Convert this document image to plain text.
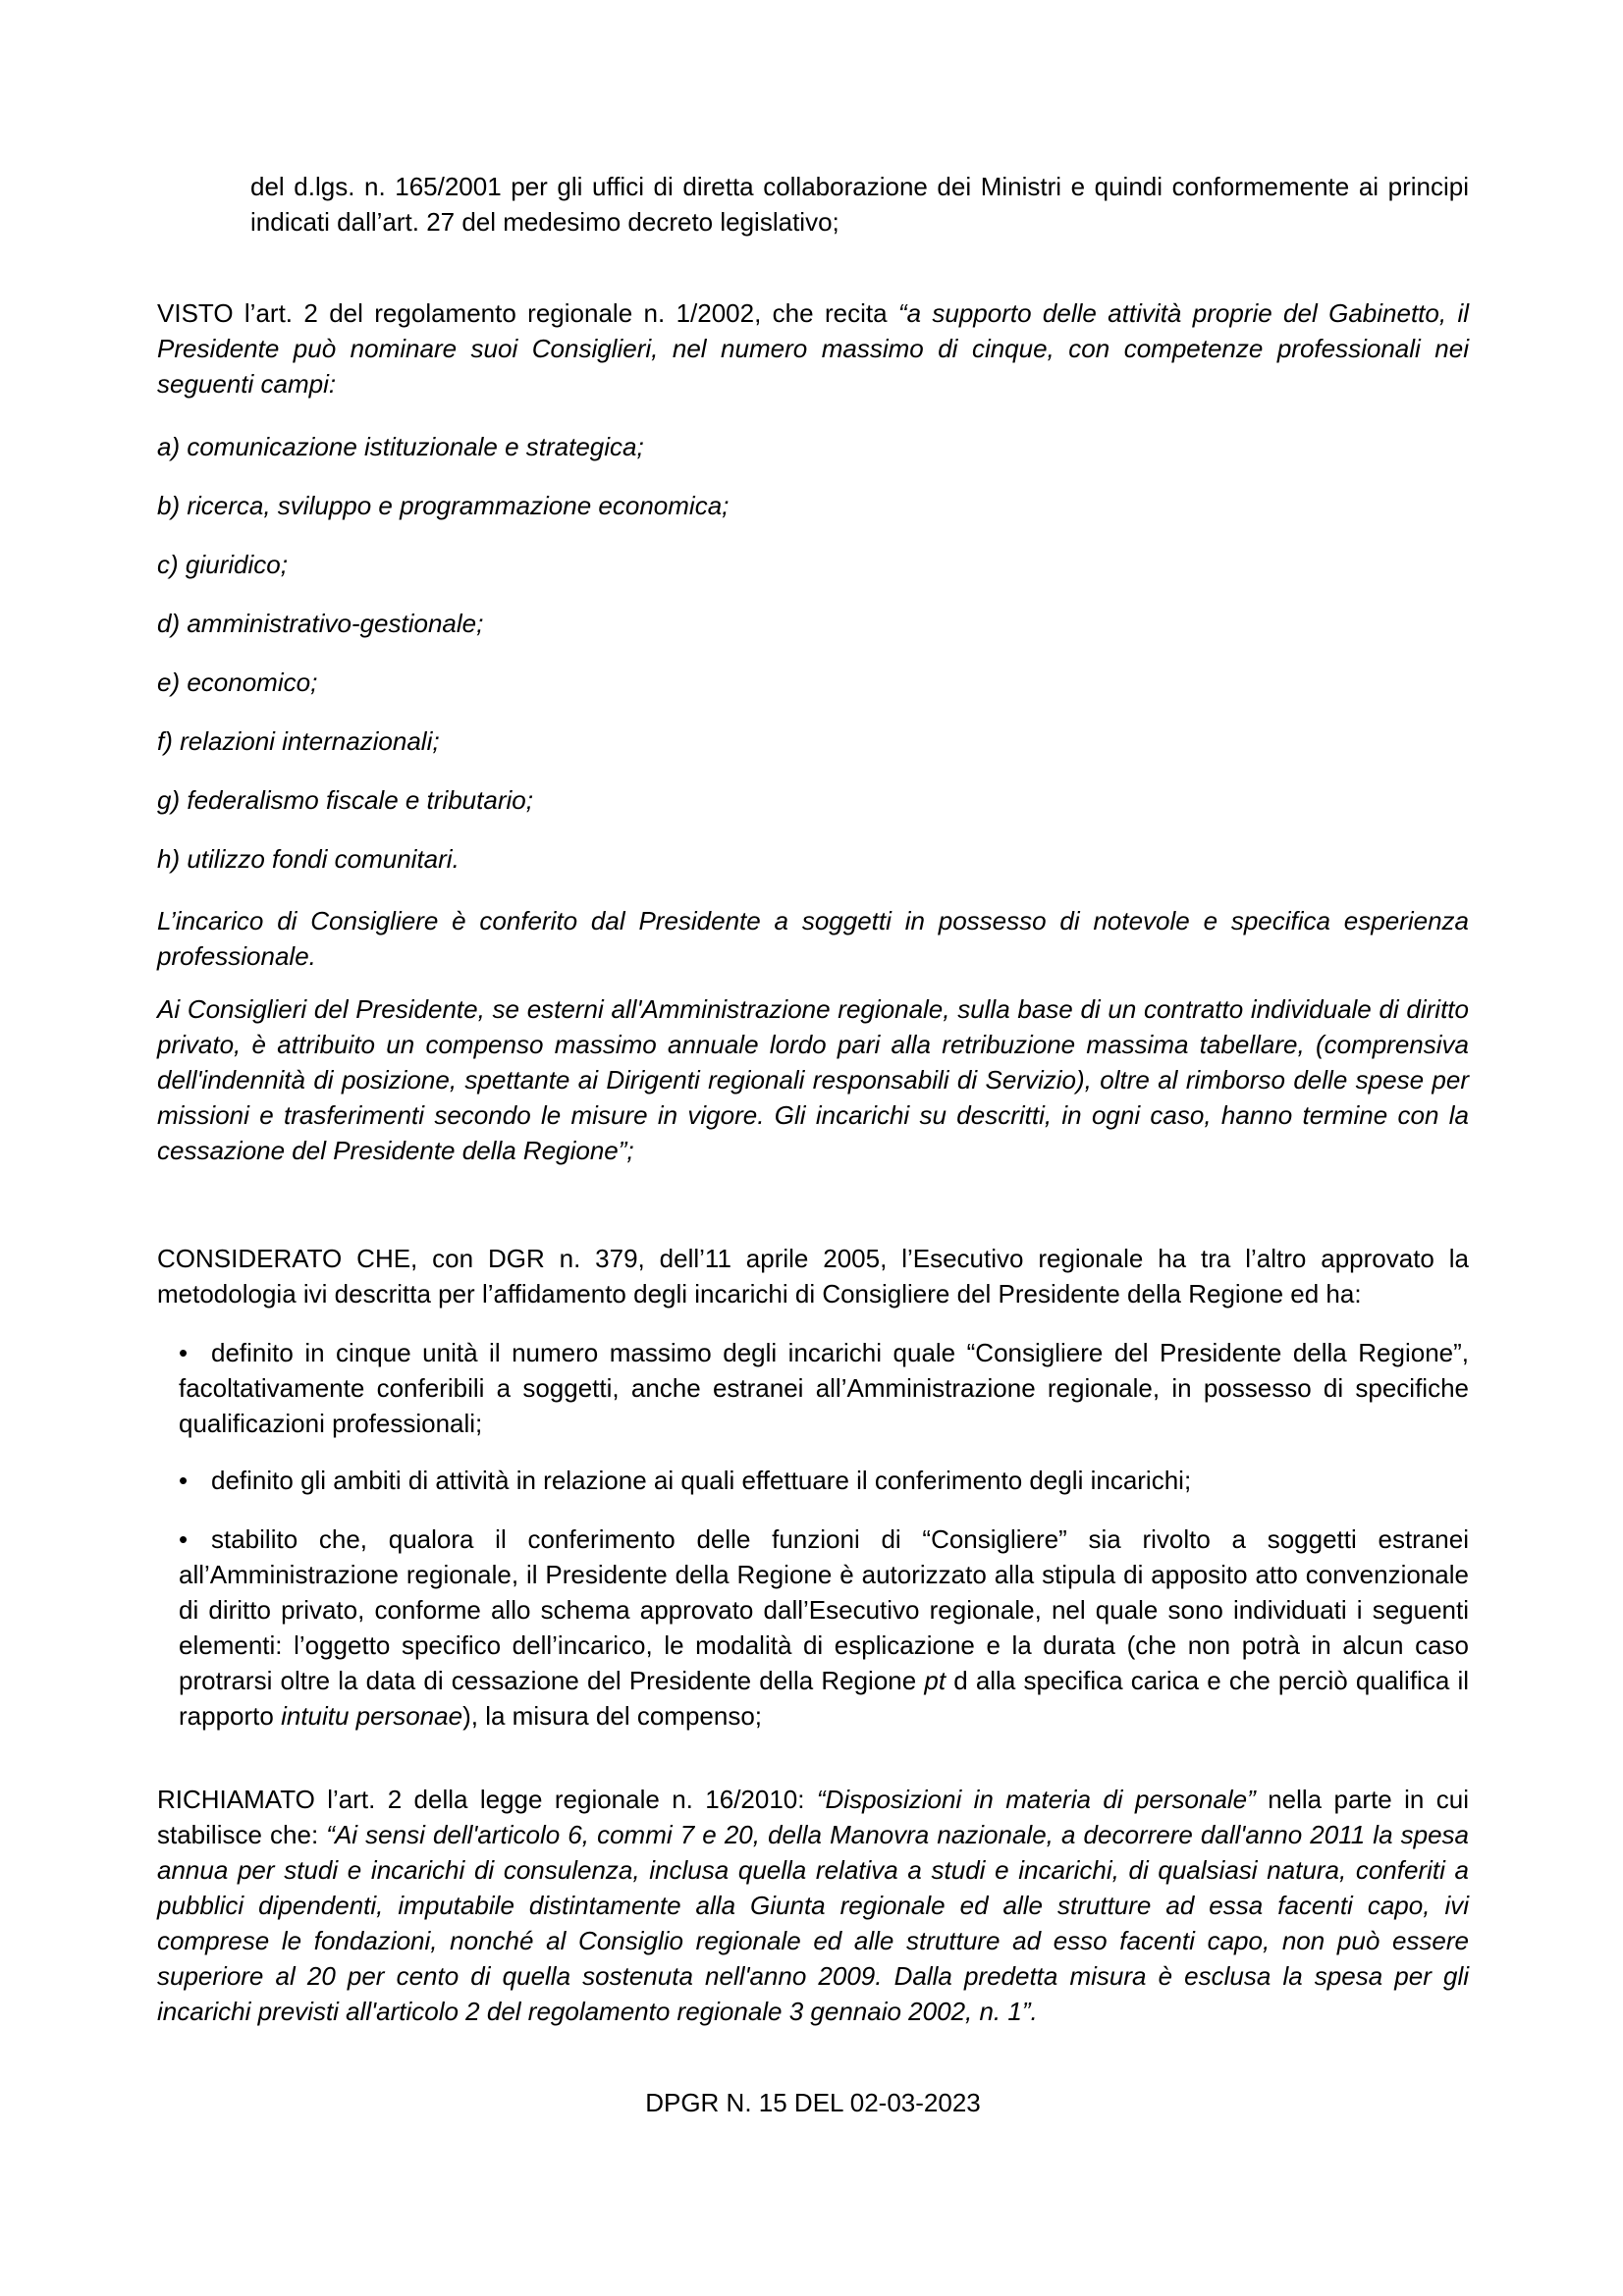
del d.lgs. n. 165/2001 per gli uffici di diretta collaborazione dei Ministri e quindi conformemente ai principi indicati dall’art. 27 del medesimo decreto legislativo;

VISTO l’art. 2 del regolamento regionale n. 1/2002, che recita “a supporto delle attività proprie del Gabinetto, il Presidente può nominare suoi Consiglieri, nel numero massimo di cinque, con competenze professionali nei seguenti campi:

a) comunicazione istituzionale e strategica;

b) ricerca, sviluppo e programmazione economica;

c) giuridico;

d) amministrativo-gestionale;

e) economico;

f) relazioni internazionali;

g) federalismo fiscale e tributario;

h) utilizzo fondi comunitari.

L’incarico di Consigliere è conferito dal Presidente a soggetti in possesso di notevole e specifica esperienza professionale.

Ai Consiglieri del Presidente, se esterni all'Amministrazione regionale, sulla base di un contratto individuale di diritto privato, è attribuito un compenso massimo annuale lordo pari alla retribuzione massima tabellare, (comprensiva dell'indennità di posizione, spettante ai Dirigenti regionali responsabili di Servizio), oltre al rimborso delle spese per missioni e trasferimenti secondo le misure in vigore. Gli incarichi su descritti, in ogni caso, hanno termine con la cessazione del Presidente della Regione”;

CONSIDERATO CHE, con DGR n. 379, dell’11 aprile 2005, l’Esecutivo regionale ha tra l’altro approvato la metodologia ivi descritta per l’affidamento degli incarichi di Consigliere del Presidente della Regione ed ha:

• definito in cinque unità il numero massimo degli incarichi quale “Consigliere del Presidente della Regione”, facoltativamente conferibili a soggetti, anche estranei all’Amministrazione regionale, in possesso di specifiche qualificazioni professionali;

• definito gli ambiti di attività in relazione ai quali effettuare il conferimento degli incarichi;

• stabilito che, qualora il conferimento delle funzioni di “Consigliere” sia rivolto a soggetti estranei all’Amministrazione regionale, il Presidente della Regione è autorizzato alla stipula di apposito atto convenzionale di diritto privato, conforme allo schema approvato dall’Esecutivo regionale, nel quale sono individuati i seguenti elementi: l’oggetto specifico dell’incarico, le modalità di esplicazione e la durata (che non potrà in alcun caso protrarsi oltre la data di cessazione del Presidente della Regione pt d alla specifica carica e che perciò qualifica il rapporto intuitu personae), la misura del compenso;

RICHIAMATO l’art. 2 della legge regionale n. 16/2010: “Disposizioni in materia di personale” nella parte in cui stabilisce che: “Ai sensi dell'articolo 6, commi 7 e 20, della Manovra nazionale, a decorrere dall'anno 2011 la spesa annua per studi e incarichi di consulenza, inclusa quella relativa a studi e incarichi, di qualsiasi natura, conferiti a pubblici dipendenti, imputabile distintamente alla Giunta regionale ed alle strutture ad essa facenti capo, ivi comprese le fondazioni, nonché al Consiglio regionale ed alle strutture ad esso facenti capo, non può essere superiore al 20 per cento di quella sostenuta nell'anno 2009. Dalla predetta misura è esclusa la spesa per gli incarichi previsti all'articolo 2 del regolamento regionale 3 gennaio 2002, n. 1”.

DPGR N. 15 DEL 02-03-2023
